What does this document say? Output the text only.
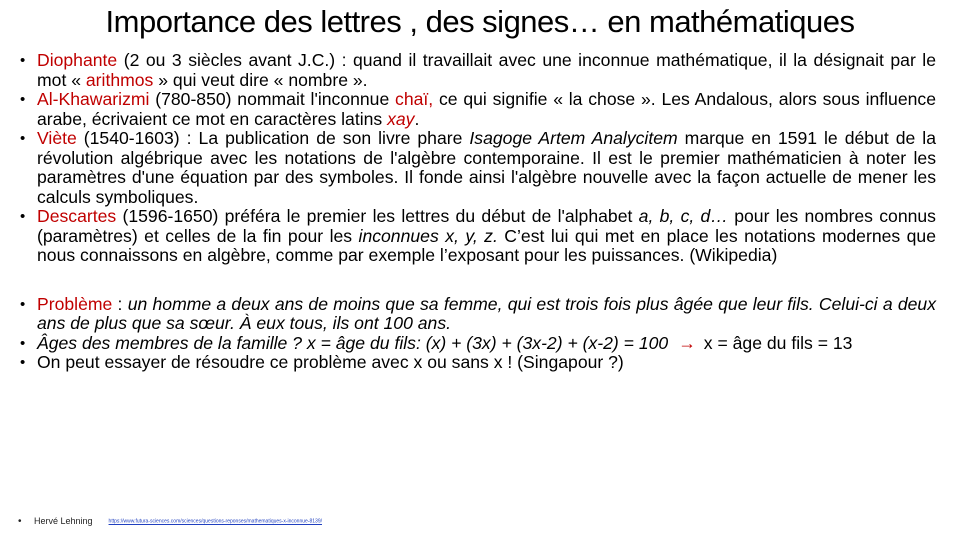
Importance des lettres , des signes… en mathématiques
• Diophante (2 ou 3 siècles avant J.C.) : quand il travaillait avec une inconnue mathématique, il la désignait par le mot « arithmos » qui veut dire « nombre ».
• Al-Khawarizmi (780-850) nommait l'inconnue chaï, ce qui signifie « la chose ». Les Andalous, alors sous influence arabe, écrivaient ce mot en caractères latins xay.
• Viète (1540-1603) : La publication de son livre phare Isagoge Artem Analycitem marque en 1591 le début de la révolution algébrique avec les notations de l'algèbre contemporaine. Il est le premier mathématicien à noter les paramètres d'une équation par des symboles. Il fonde ainsi l'algèbre nouvelle avec la façon actuelle de mener les calculs symboliques.
• Descartes (1596-1650) préféra le premier les lettres du début de l'alphabet a, b, c, d… pour les nombres connus (paramètres) et celles de la fin pour les inconnues x, y, z. C’est lui qui met en place les notations modernes que nous connaissons en algèbre, comme par exemple l’exposant pour les puissances. (Wikipedia)
• Problème : un homme a deux ans de moins que sa femme, qui est trois fois plus âgée que leur fils. Celui-ci a deux ans de plus que sa sœur. À eux tous, ils ont 100 ans.
• Âges des membres de la famille ? x = âge du fils: (x) + (3x) + (3x-2) + (x-2) = 100 → x = âge du fils = 13
• On peut essayer de résoudre ce problème avec x ou sans x ! (Singapour ?)
• Hervé Lehning	https://www.futura-sciences.com/sciences/questions-reponses/mathematiques-x-inconnue-8139/
